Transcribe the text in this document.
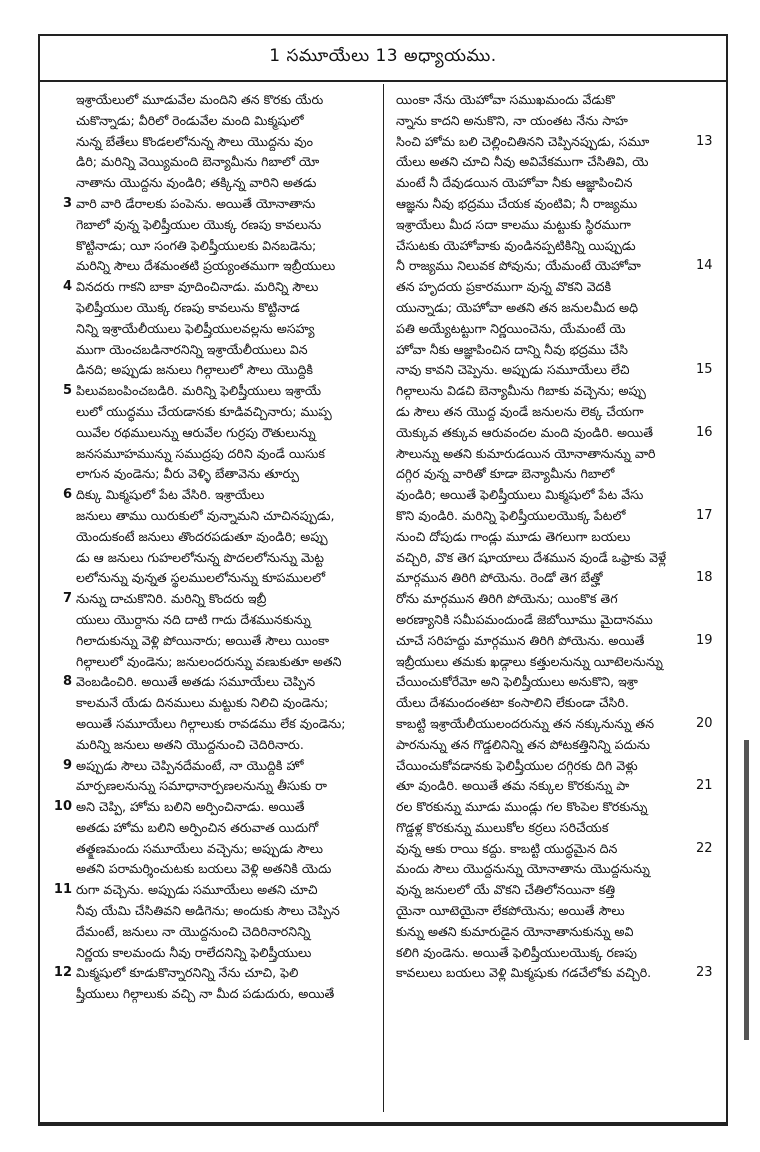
1 సమూయేలు 13 అధ్యాయము.
ఇశ్రాయేలులో మూడువేల మందిని తన కొరకు యేరు
చుకొన్నాడు; వీరిలో రెండువేల మంది మిక్మషులో
నున్న బేతేలు కొండలలోనున్న సౌలు యొద్దను వుం
డిరి; మరిన్ని వెయ్యిమంది బెన్యామీను గిబాలో యో
నాతాను యొద్దను వుండిరి; తక్కిన్న వారిని అతడు
3 వారి వారి డేరాలకు పంపెను. అయితే యోనాతాను
గెబాలో వున్న ఫెలిష్తీయుల యొక్క రణపు కావలును
కొట్టినాడు; యీ సంగతి ఫెలిష్తీయులకు వినబడెను;
మరిన్ని సౌలు దేశమంతటి ప్రయ్యంతముగా ఇబ్రీయులు
4 వినదరు గాకని బాకా వూదించినాడు. మరిన్ని సౌలు
ఫెలిష్తీయుల యొక్క రణపు కావలును కొట్టినాడ
నిన్ని ఇశ్రాయేలీయులు ఫెలిష్తీయులవల్లను అసహ్య
ముగా యెంచబడినారనిన్ని ఇశ్రాయేలీయులు విన
డినది; అప్పుడు జనులు గిల్గాలులో సౌలు యొద్దికి
5 పిలువబంపించబడిరి. మరిన్ని ఫెలిష్తీయులు ఇశ్రాయే
లులో యుద్ధము చేయడానకు కూడివచ్చినారు; ముప్ప
యివేల రథములున్ను ఆరువేల గుర్రపు రౌతులున్ను
జనసమూహమున్ను సముద్రపు దరిని వుండే యిసుక
లాగున వుండెను; వీరు వెళ్ళి బేతావెను తూర్పు
6 దిక్కు మిక్మషులో పేట వేసిరి. ఇశ్రాయేలు
జనులు తాము యిరుకులో వున్నామని చూచినప్పుడు,
యెందుకంటే జనులు తొందరపడుతూ వుండిరి; అప్పు
డు ఆ జనులు గుహలలోనున్న పొదలలోనున్ను మెట్ట
లలోనున్ను వున్నత స్థలములలోనున్ను కూపములలో
7 నున్ను దాచుకొనిరి. మరిన్ని కొందరు ఇబ్రీ
యులు యొర్దాను నది దాటి గాదు దేశమునకున్ను
గిలాదుకున్ను వెళ్లి పోయినారు; అయితే సౌలు యింకా
గిల్గాలులో వుండెను; జనులందరున్ను వణుకుతూ అతని
8 వెంబడించిరి. అయితే అతడు సమూయేలు చెప్పిన
కాలమనే యేడు దినములు మట్టుకు నిలిచి వుండెను;
అయితే సమూయేలు గిల్గాలుకు రావడము లేక వుండెను;
మరిన్ని జనులు అతని యొద్దనుంచి చెదిరినారు.
9 అప్పుడు సౌలు చెప్పినదేమంటే, నా యొద్దికి హో
మార్పణలనున్ను సమాధానార్పణలనున్ను తీసుకు రా
10 అని చెప్పి, హోమ బలిని అర్పించినాడు. అయితే
అతడు హోమ బలిని అర్పించిన తరువాత యిదుగో
తత్క్షణమందు సమూయేలు వచ్చెను; అప్పుడు సౌలు
అతని పరామర్శించుటకు బయలు వెళ్లి అతనికి యెదు
11 రుగా వచ్చెను. అప్పుడు సమూయేలు అతని చూచి
నీవు యేమి చేసితివని అడిగెను; అందుకు సౌలు చెప్పిన
దేమంటే, జనులు నా యొద్దనుంచి చెదిరినారనిన్ని
నిర్ణయ కాలమందు నీవు రాలేదనిన్ని ఫెలిష్తీయులు
12 మిక్మషులో కూడుకొన్నారనిన్ని నేను చూచి, ఫెలి
ష్తీయులు గిల్గాలుకు వచ్చి నా మీద పడుదురు, అయితే
యింకా నేను యెహోవా సముఖమందు వేడుకొ
న్నాను కాదని అనుకొని, నా యంతట నేను సాహ
13
సించి హోమ బలి చెల్లించితినని చెప్పినప్పుడు, సమూ
యేలు అతని చూచి నీవు అవివేకముగా చేసితివి, యె
మంటే నీ దేవుడయిన యెహోవా నీకు ఆజ్ఞాపించిన
ఆజ్ఞను నీవు భద్రము చేయక వుంటివి; నీ రాజ్యము
ఇశ్రాయేలు మీద సదా కాలము మట్టుకు స్థిరముగా
చేసుటకు యెహోవాకు వుండినప్పటికిన్ని యిప్పుడు
14
నీ రాజ్యము నిలువక పోవును; యేమంటే యెహోవా
తన హృదయ ప్రకారముగా వున్న వొకని వెదకి
యున్నాడు; యెహోవా అతని తన జనులమీద అధి
పతి అయ్యేటట్టుగా నిర్ణయించెను, యేమంటే యె
హోవా నీకు ఆజ్ఞాపించిన దాన్ని నీవు భద్రము చేసి
15
నావు కావని చెప్పెను. అప్పుడు సమూయేలు లేచి
గిల్గాలును విడచి బెన్యామీను గిబాకు వచ్చెను; అప్పు
డు సౌలు తన యొద్ద వుండే జనులను లెక్క చేయగా
16
యెక్కువ తక్కువ ఆరువందల మంది వుండిరి. అయితే
సౌలున్ను అతని కుమారుడయిన యోనాతానున్ను వారి
దగ్గిర వున్న వారితో కూడా బెన్యామీను గిబాలో
వుండిరి; అయితే ఫెలిష్తీయులు మిక్మషులో పేట వేసు
17
కొని వుండిరి. మరిన్ని ఫెలిష్తీయులయొక్క పేటలో
నుంచి దోపుడు గాండ్లు మూడు తెగలుగా బయలు
వచ్చిరి, వొక తెగ షూయాలు దేశమున వుండే ఒఫ్రాకు వెళ్లే
18
మార్గమున తిరిగి పోయెను. రెండో తెగ బేత్హో
రోను మార్గమున తిరిగి పోయెను; యింకొక తెగ
అరణ్యానికి సమీపమందుండే జెబోయీము మైదానము
19
చూచే సరిహద్దు మార్గమున తిరిగి పోయెను. అయితే
ఇబ్రీయులు తమకు ఖడ్గాలు కత్తులనున్ను యీటెలనున్ను
చేయించుకోరేమో అని ఫెలిష్తీయులు అనుకొని, ఇశ్రా
యేలు దేశమందంతటా కంసాలిని లేకుండా చేసిరి.
20
కాబట్టి ఇశ్రాయేలీయులందరున్ను తన నక్కునున్ను తన
పారనున్ను తన గొడ్డలినిన్ని తన పోటకత్తినిన్ని పదును
చేయించుకోవడానకు ఫెలిష్తీయుల దగ్గిరకు దిగి వెళ్లు
21
తూ వుండిరి. అయితే తమ నక్కుల కొరకున్ను పా
రల కొరకున్ను మూడు ముండ్లు గల కొంపెల కొరకున్ను
గొడ్డళ్ల కొరకున్ను ములుకోల కర్రలు సరిచేయక
22
వున్న ఆకు రాయి కద్దు. కాబట్టి యుద్ధమైన దిన
మందు సౌలు యొద్దనున్ను యోనాతాను యొద్దనున్ను
వున్న జనులలో యే వొకని చేతిలోనయినా కత్తి
యైనా యీటెయైనా లేకపోయెను; అయితే సౌలు
కున్ను అతని కుమారుడైన యోనాతానుకున్ను అవి
కలిగి వుండెను. అయితే ఫెలిష్తీయులయొక్క రణపు
23
కావలులు బయలు వెళ్లి మిక్మషుకు గడచేలోకు వచ్చిరి.
